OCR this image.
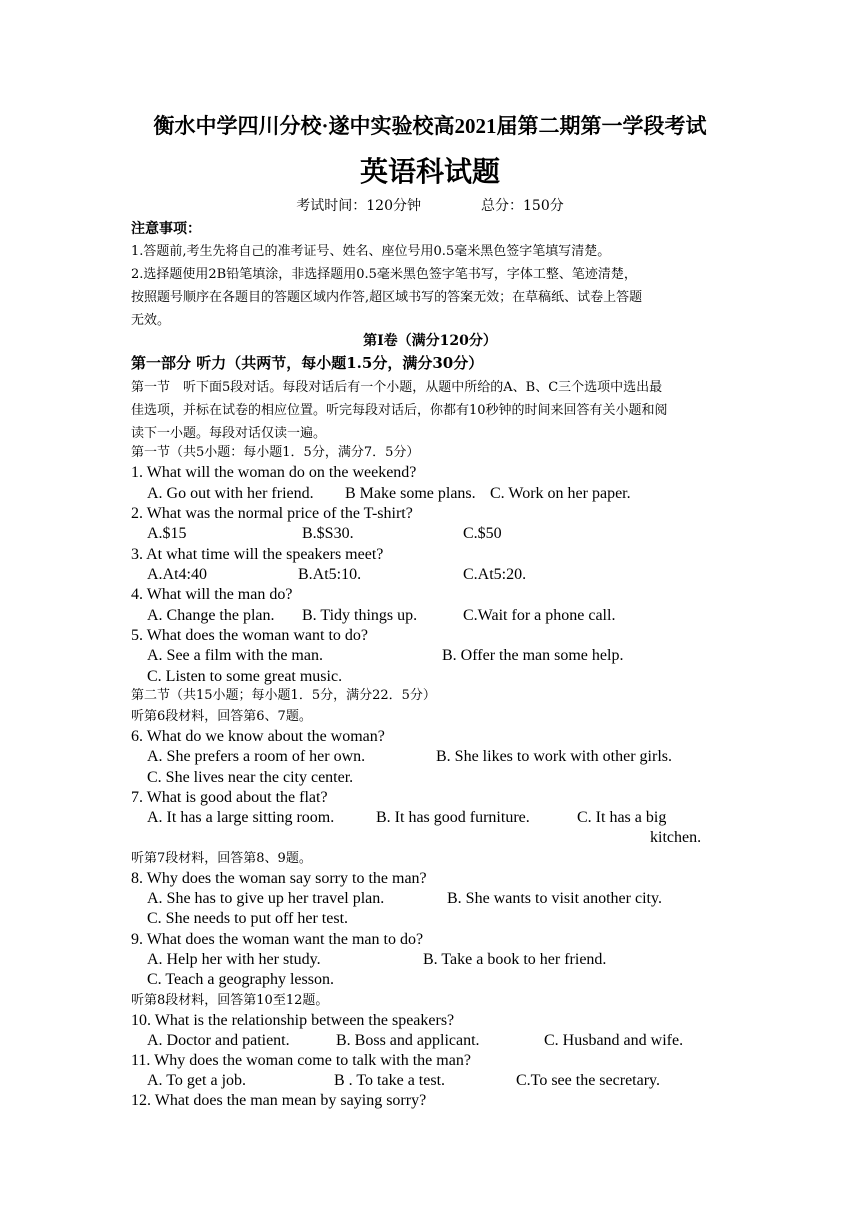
衡水中学四川分校·遂中实验校高2021届第二期第一学段考试
英语科试题
考试时间：120分钟	总分：150分
注意事项：
1.答题前,考生先将自己的准考证号、姓名、座位号用0.5毫米黑色签字笔填写清楚。
2.选择题使用2B铅笔填涂，非选择题用0.5毫米黑色签字笔书写，字体工整、笔迹清楚，
按照题号顺序在各题目的答题区域内作答,超区域书写的答案无效；在草稿纸、试卷上答题
无效。
第Ⅰ卷（满分120分）
第一部分 听力（共两节，每小题1.5分，满分30分）
第一节　听下面5段对话。每段对话后有一个小题，从题中所给的A、B、C三个选项中选出最
佳选项，并标在试卷的相应位置。听完每段对话后，你都有10秒钟的时间来回答有关小题和阅
读下一小题。每段对话仅读一遍。
第一节（共5小题：每小题1．5分，满分7．5分）
1. What will the woman do on the weekend?
A. Go out with her friend. B Make some plans. C. Work on her paper.
2. What was the normal price of the T-shirt?
A.$15	B.$S30.	C.$50
3. At what time will the speakers meet?
A.At4:40	B.At5:10.	C.At5:20.
4. What will the man do?
A. Change the plan. B. Tidy things up.	C.Wait for a phone call.
5. What does the woman want to do?
A. See a film with the man.	B. Offer the man some help.
C. Listen to some great music.
第二节（共15小题；每小题1．5分，满分22．5分）
听第6段材料，回答第6、7题。
6. What do we know about the woman?
A. She prefers a room of her own.	B. She likes to work with other girls.
C. She lives near the city center.
7. What is good about the flat?
A. It has a large sitting room.	B. It has good furniture.	C. It has a big
kitchen.
听第7段材料，回答第8、9题。
8. Why does the woman say sorry to the man?
A. She has to give up her travel plan.	B. She wants to visit another city.
C. She needs to put off her test.
9. What does the woman want the man to do?
A. Help her with her study.	B. Take a book to her friend.
C. Teach a geography lesson.
听第8段材料，回答第10至12题。
10. What is the relationship between the speakers?
A. Doctor and patient.	B. Boss and applicant.	C. Husband and wife.
11. Why does the woman come to talk with the man?
A. To get a job.	B . To take a test.	C.To see the secretary.
12. What does the man mean by saying sorry?
